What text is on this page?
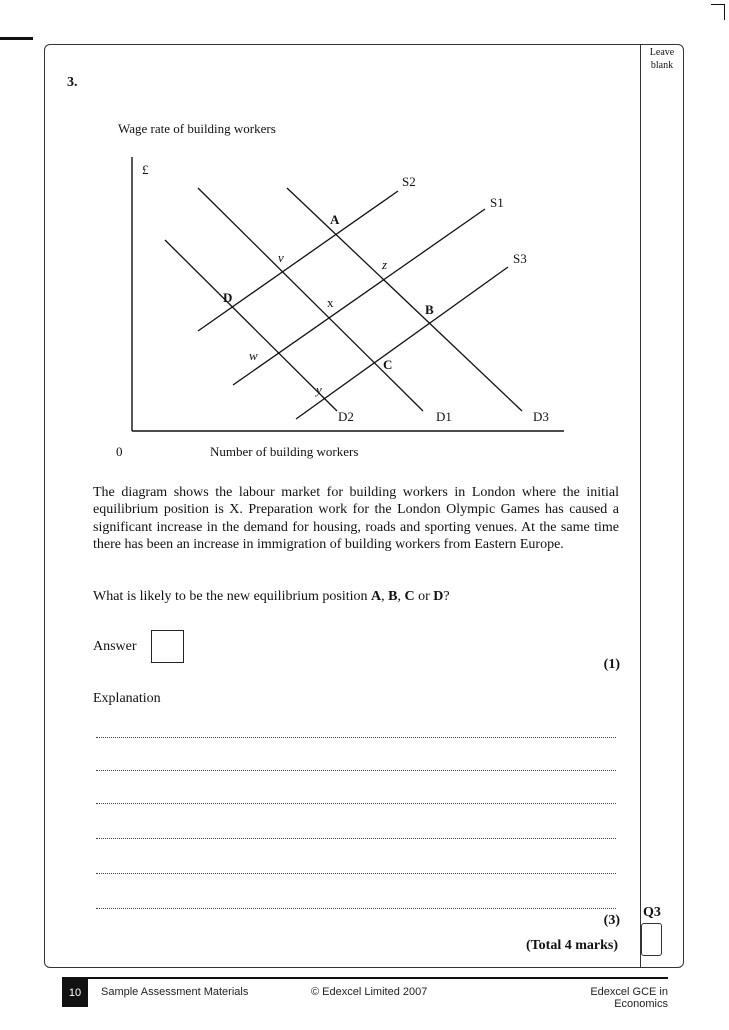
Leave
blank
3.
Wage rate of building workers
£
0	Number of building workers
S2
S1
S3
D2	D1	D3
A
B
C
D
v	z
x
w
y
The diagram shows the labour market for building workers in London where the initial equilibrium position is X. Preparation work for the London Olympic Games has caused a significant increase in the demand for housing, roads and sporting venues. At the same time there has been an increase in immigration of building workers from Eastern Europe.
What is likely to be the new equilibrium position A, B, C or D?
Answer
(1)
Explanation
(3)
(Total 4 marks)
Q3
10	Sample Assessment Materials	© Edexcel Limited 2007	Edexcel GCE in Economics
